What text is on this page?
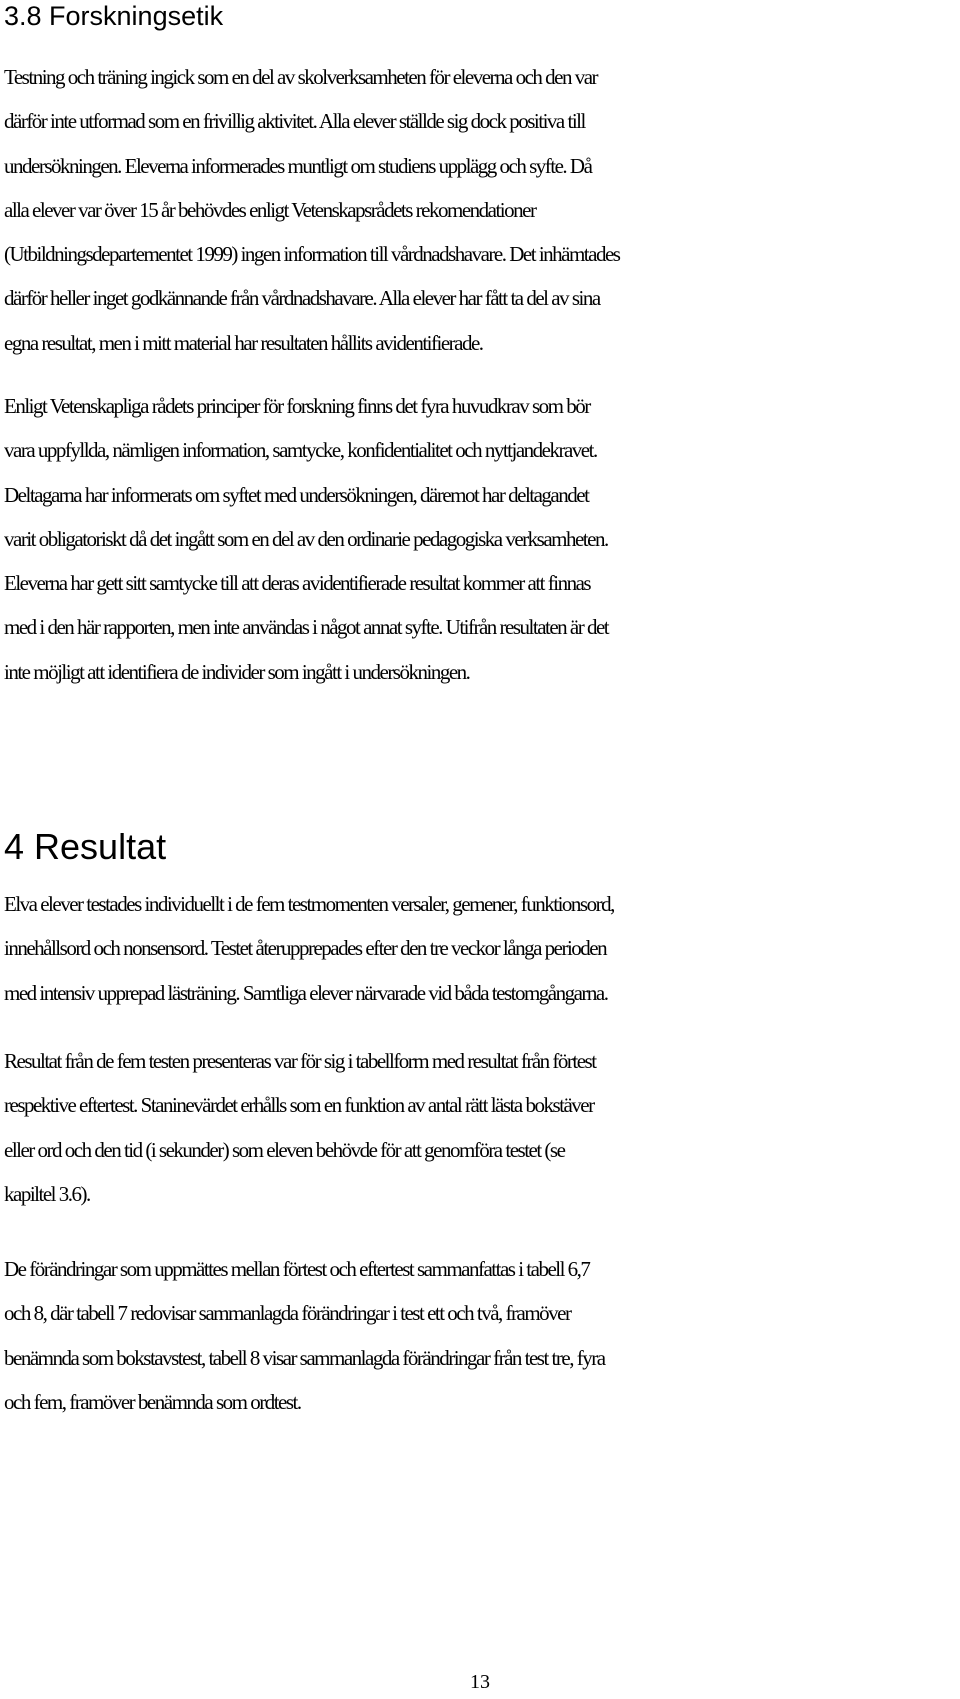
3.8 Forskningsetik

Testning och träning ingick som en del av skolverksamheten för eleverna och den var
därför inte utformad som en frivillig aktivitet. Alla elever ställde sig dock positiva till
undersökningen. Eleverna informerades muntligt om studiens upplägg och syfte. Då
alla elever var över 15 år behövdes enligt Vetenskapsrådets rekomendationer
(Utbildningsdepartementet 1999) ingen information till vårdnadshavare. Det inhämtades
därför heller inget godkännande från vårdnadshavare. Alla elever har fått ta del av sina
egna resultat, men i mitt material har resultaten hållits avidentifierade.

Enligt Vetenskapliga rådets principer för forskning finns det fyra huvudkrav som bör
vara uppfyllda, nämligen information, samtycke, konfidentialitet och nyttjandekravet.
Deltagarna har informerats om syftet med undersökningen, däremot har deltagandet
varit obligatoriskt då det ingått som en del av den ordinarie pedagogiska verksamheten.
Eleverna har gett sitt samtycke till att deras avidentifierade resultat kommer att finnas
med i den här rapporten, men inte användas i något annat syfte. Utifrån resultaten är det
inte möjligt att identifiera de individer som ingått i undersökningen.

4 Resultat

Elva elever testades individuellt i de fem testmomenten versaler, gemener, funktionsord,
innehållsord och nonsensord. Testet återupprepades efter den tre veckor långa perioden
med intensiv upprepad lästräning. Samtliga elever närvarade vid båda testomgångarna.

Resultat från de fem testen presenteras var för sig i tabellform med resultat från förtest
respektive eftertest. Staninevärdet erhålls som en funktion av antal rätt lästa bokstäver
eller ord och den tid (i sekunder) som eleven behövde för att genomföra testet (se
kapiltel 3.6).

De förändringar som uppmättes mellan förtest och eftertest sammanfattas i tabell 6,7
och 8, där tabell 7 redovisar sammanlagda förändringar i test ett och två, framöver
benämnda som bokstavstest, tabell 8 visar sammanlagda förändringar från test tre, fyra
och fem, framöver benämnda som ordtest.

13
